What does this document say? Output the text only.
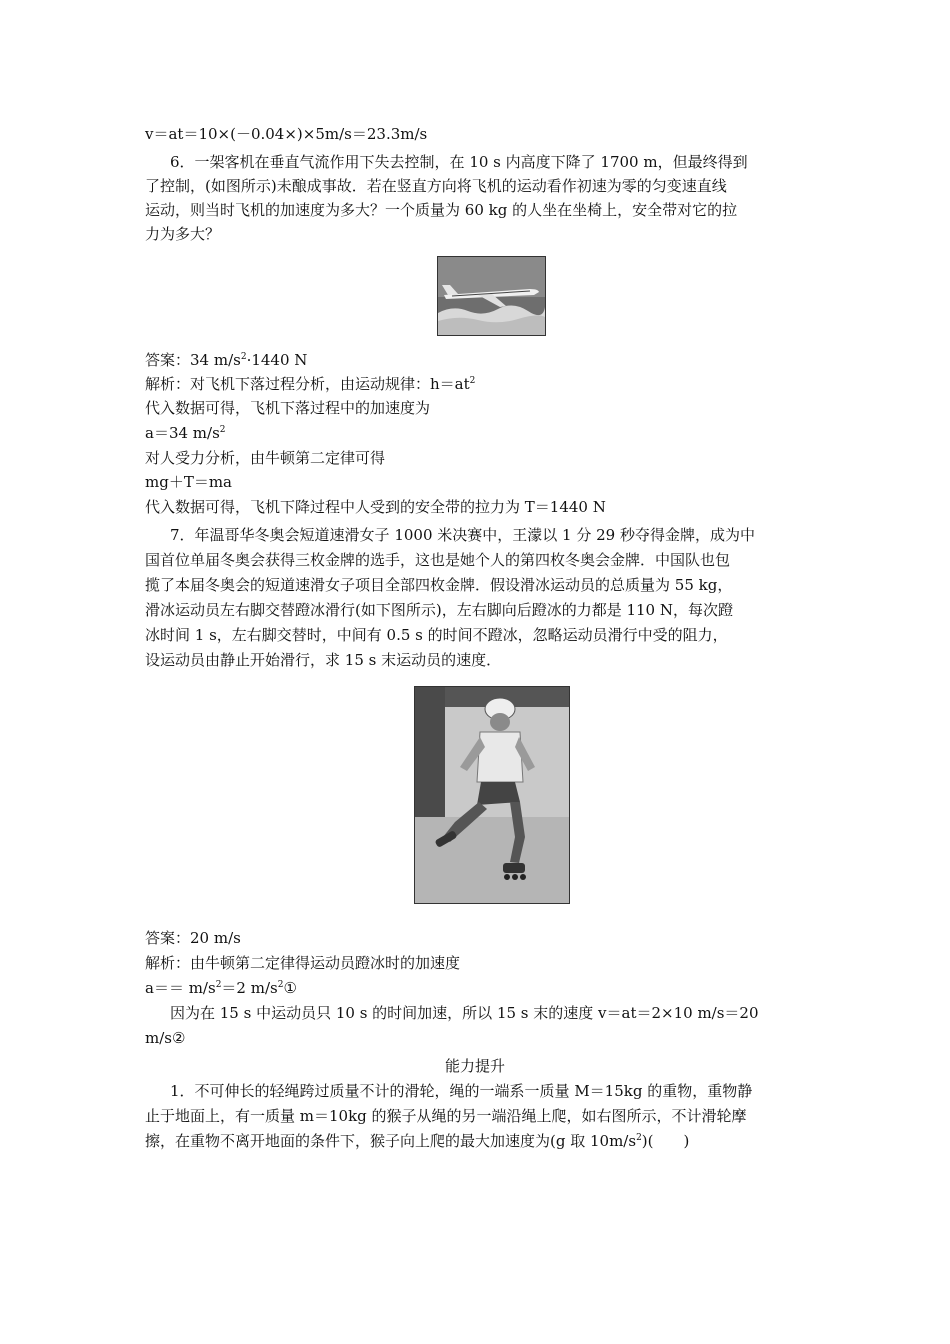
v＝at＝10×(－0.04×)×5m/s＝23.3m/s
6．一架客机在垂直气流作用下失去控制，在 10 s 内高度下降了 1700 m，但最终得到
了控制，(如图所示)未酿成事故．若在竖直方向将飞机的运动看作初速为零的匀变速直线
运动，则当时飞机的加速度为多大？一个质量为 60 kg 的人坐在坐椅上，安全带对它的拉
力为多大？
答案：34 $m/s^2\cdot 1440$ N
解析：对飞机下落过程分析，由运动规律：$h=at^2$
代入数据可得，飞机下落过程中的加速度为
a＝34 $m/s^2$
对人受力分析，由牛顿第二定律可得
mg＋T＝ma
代入数据可得，飞机下降过程中人受到的安全带的拉力为 T＝1440 N
7．年温哥华冬奥会短道速滑女子 1000 米决赛中，王濛以 1 分 29 秒夺得金牌，成为中
国首位单届冬奥会获得三枚金牌的选手，这也是她个人的第四枚冬奥会金牌．中国队也包
揽了本届冬奥会的短道速滑女子项目全部四枚金牌．假设滑冰运动员的总质量为 55 kg，
滑冰运动员左右脚交替蹬冰滑行(如下图所示)，左右脚向后蹬冰的力都是 110 N，每次蹬
冰时间 1 s，左右脚交替时，中间有 0.5 s 的时间不蹬冰，忽略运动员滑行中受的阻力，
设运动员由静止开始滑行，求 15 s 末运动员的速度．
答案：20 m/s
解析：由牛顿第二定律得运动员蹬冰时的加速度
$a== m/s^2=2$ $m/s^2①$
因为在 15 s 中运动员只 10 s 的时间加速，所以 15 s 末的速度 v＝at＝2×10 m/s＝20
m/s②
能力提升
1．不可伸长的轻绳跨过质量不计的滑轮，绳的一端系一质量 M＝15kg 的重物，重物静
止于地面上，有一质量 m＝10kg 的猴子从绳的另一端沿绳上爬，如右图所示，不计滑轮摩
擦，在重物不离开地面的条件下，猴子向上爬的最大加速度为(g 取 $10m/s^2$)(　　)
